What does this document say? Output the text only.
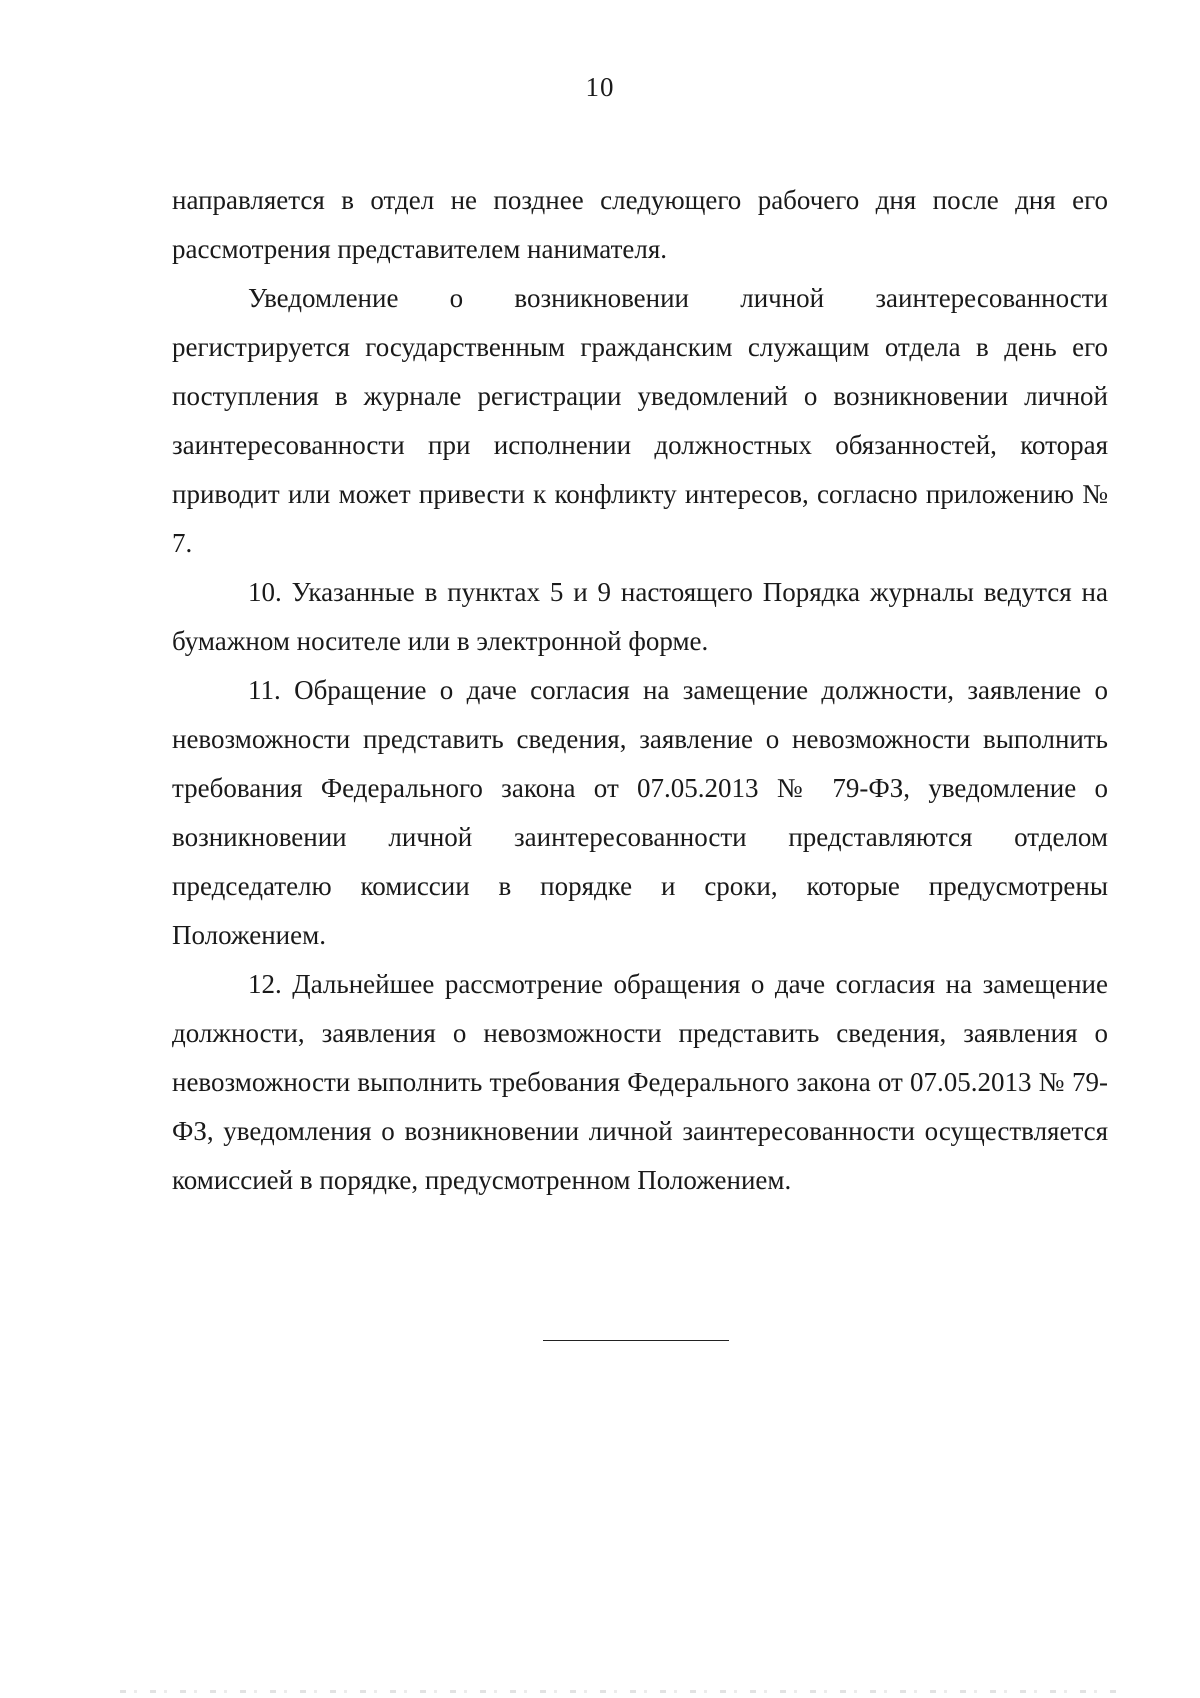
10

направляется в отдел не позднее следующего рабочего дня после дня его рассмотрения представителем нанимателя.

Уведомление о возникновении личной заинтересованности регистрируется государственным гражданским служащим отдела в день его поступления в журнале регистрации уведомлений о возникновении личной заинтересованности при исполнении должностных обязанностей, которая приводит или может привести к конфликту интересов, согласно приложению № 7.

10. Указанные в пунктах 5 и 9 настоящего Порядка журналы ведутся на бумажном носителе или в электронной форме.

11. Обращение о даче согласия на замещение должности, заявление о невозможности представить сведения, заявление о невозможности выполнить требования Федерального закона от 07.05.2013 № 79-ФЗ, уведомление о возникновении личной заинтересованности представляются отделом председателю комиссии в порядке и сроки, которые предусмотрены Положением.

12. Дальнейшее рассмотрение обращения о даче согласия на замещение должности, заявления о невозможности представить сведения, заявления о невозможности выполнить требования Федерального закона от 07.05.2013 № 79-ФЗ, уведомления о возникновении личной заинтересованности осуществляется комиссией в порядке, предусмотренном Положением.
